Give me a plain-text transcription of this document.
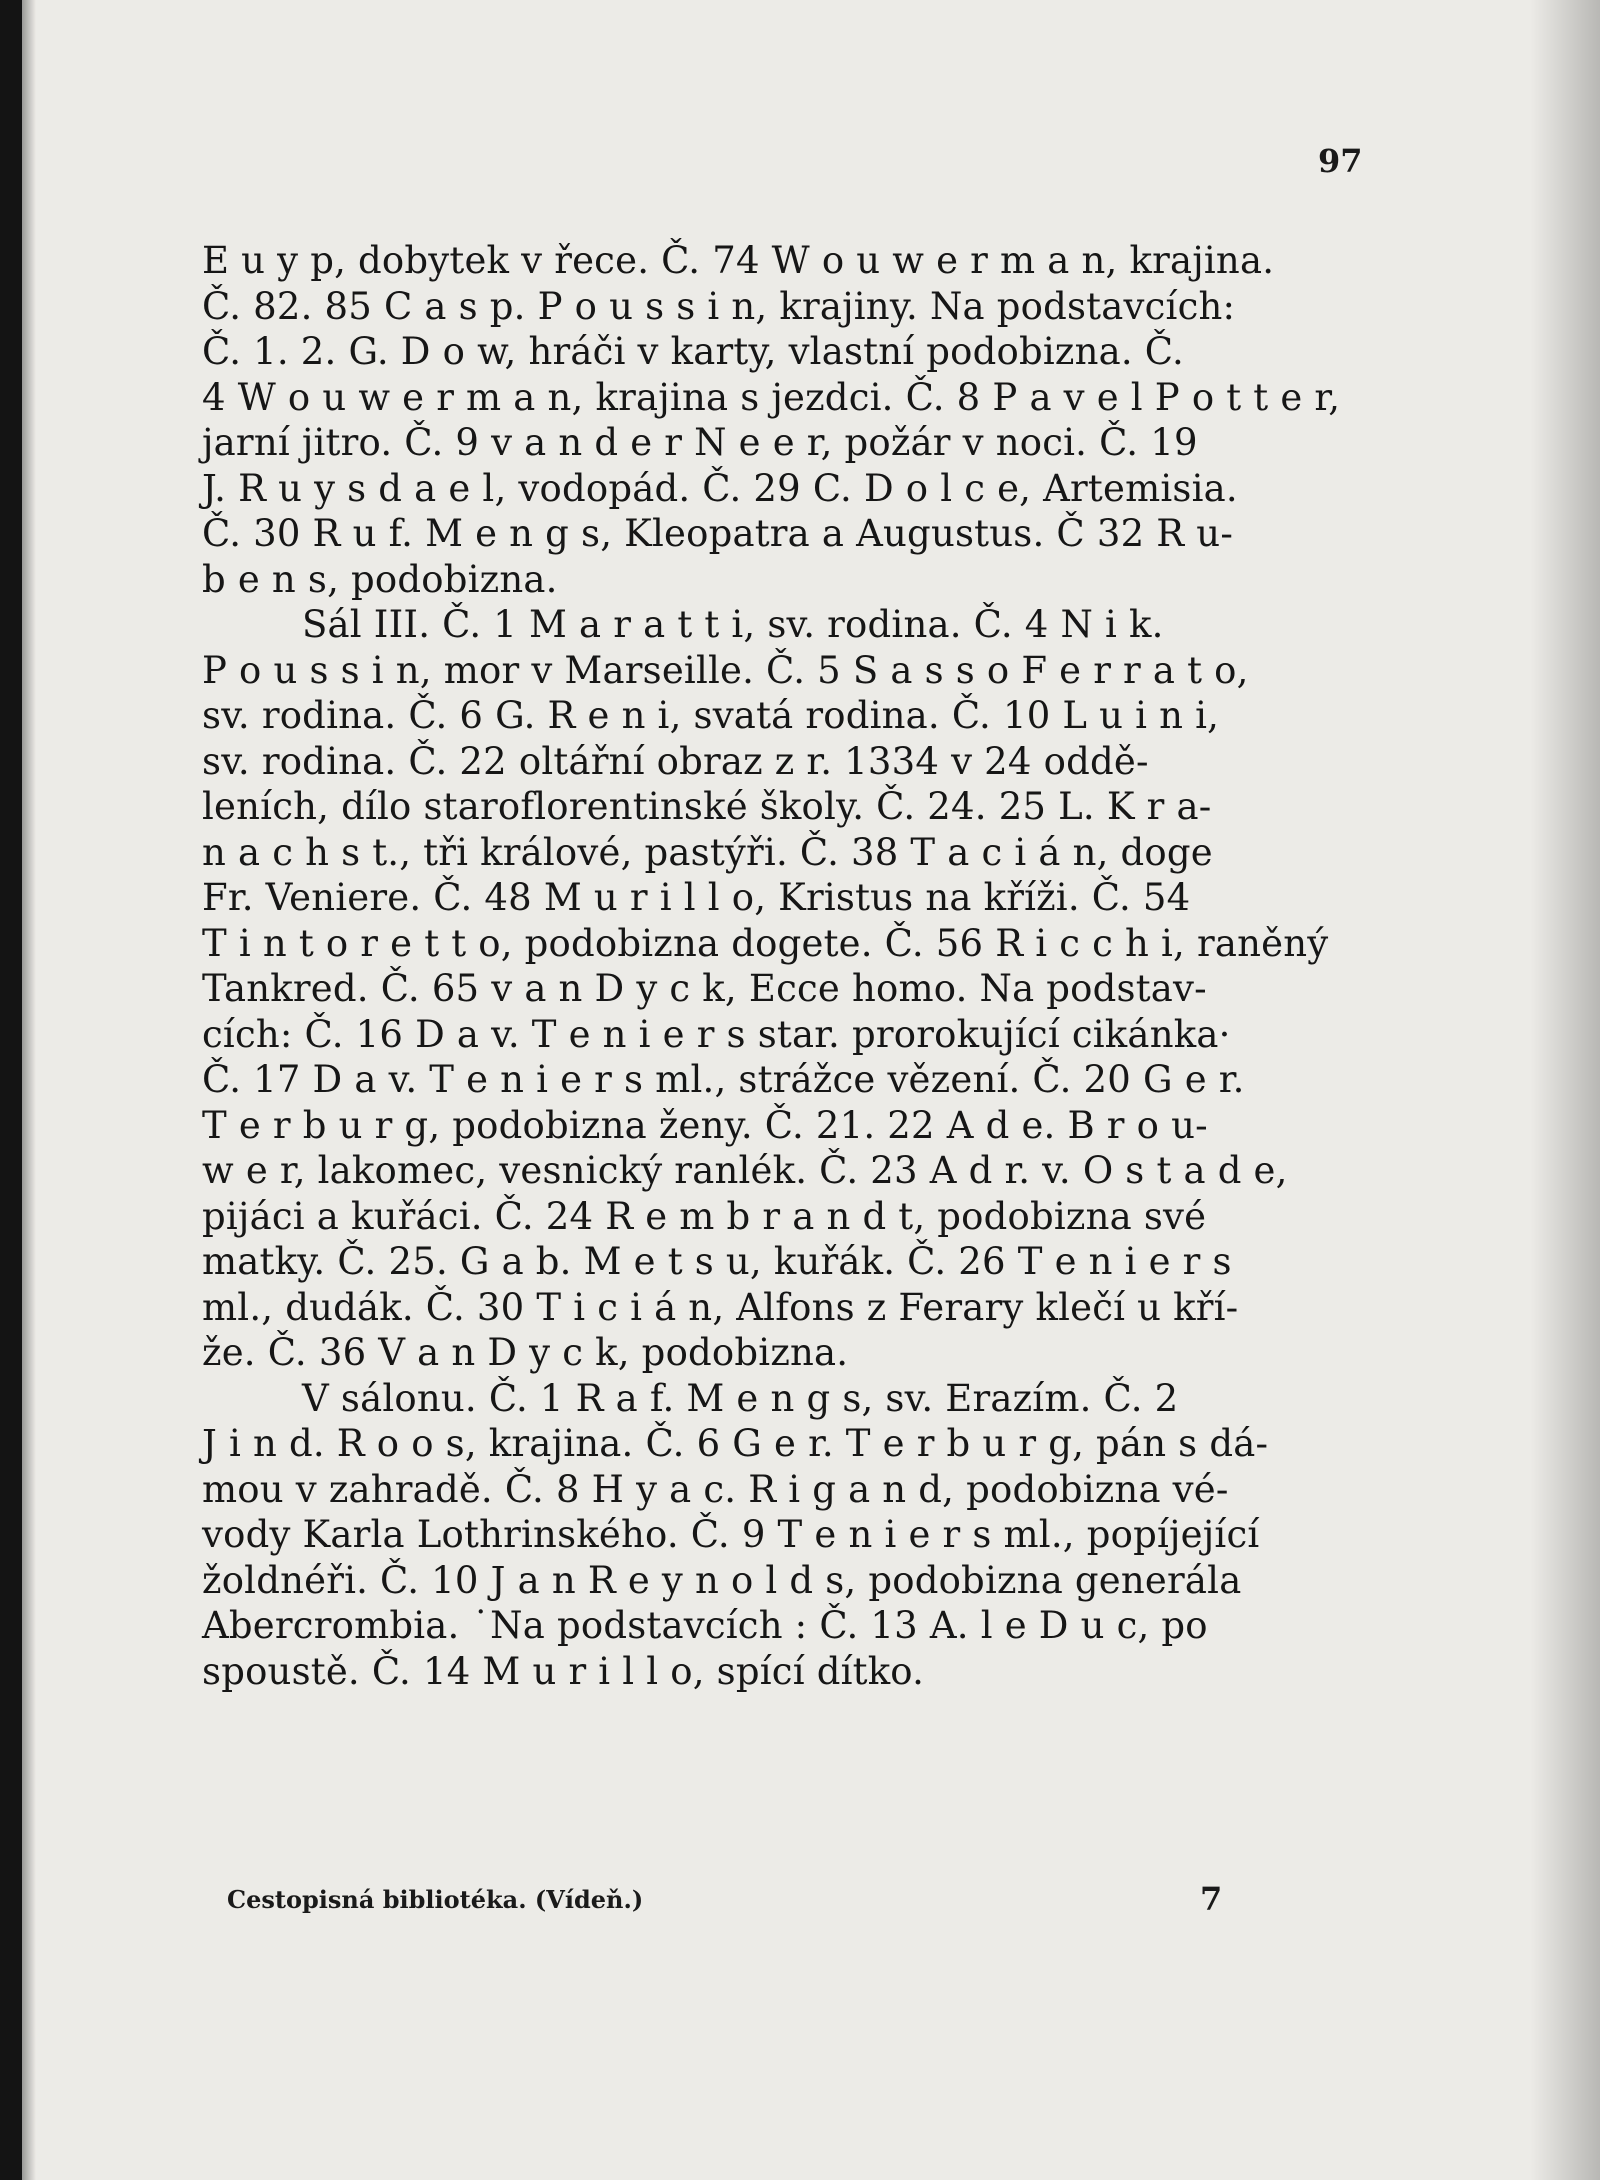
97
E u y p, dobytek v řece. Č. 74 W o u w e r m a n, krajina.
Č. 82. 85 C a s p. P o u s s i n, krajiny. Na podstavcích:
Č. 1. 2. G. D o w, hráči v karty, vlastní podobizna. Č.
4 W o u w e r m a n, krajina s jezdci. Č. 8 P a v e l P o t t e r,
jarní jitro. Č. 9 v a n d e r N e e r, požár v noci. Č. 19
J. R u y s d a e l, vodopád. Č. 29 C. D o l c e, Artemisia.
Č. 30 R u f. M e n g s, Kleopatra a Augustus. Č 32 R u-
b e n s, podobizna.
Sál III. Č. 1 M a r a t t i, sv. rodina. Č. 4 N i k.
P o u s s i n, mor v Marseille. Č. 5 S a s s o F e r r a t o,
sv. rodina. Č. 6 G. R e n i, svatá rodina. Č. 10 L u i n i,
sv. rodina. Č. 22 oltářní obraz z r. 1334 v 24 oddě-
leních, dílo staroflorentinské školy. Č. 24. 25 L. K r a-
n a c h s t., tři králové, pastýři. Č. 38 T a c i á n, doge
Fr. Veniere. Č. 48 M u r i l l o, Kristus na kříži. Č. 54
T i n t o r e t t o, podobizna dogete. Č. 56 R i c c h i, raněný
Tankred. Č. 65 v a n D y c k, Ecce homo. Na podstav-
cích: Č. 16 D a v. T e n i e r s star. prorokující cikánka·
Č. 17 D a v. T e n i e r s ml., strážce vězení. Č. 20 G e r.
T e r b u r g, podobizna ženy. Č. 21. 22 A d e. B r o u-
w e r, lakomec, vesnický ranlék. Č. 23 A d r. v. O s t a d e,
pijáci a kuřáci. Č. 24 R e m b r a n d t, podobizna své
matky. Č. 25. G a b. M e t s u, kuřák. Č. 26 T e n i e r s
ml., dudák. Č. 30 T i c i á n, Alfons z Ferary klečí u kří-
že. Č. 36 V a n D y c k, podobizna.
V sálonu. Č. 1 R a f. M e n g s, sv. Erazím. Č. 2
J i n d. R o o s, krajina. Č. 6 G e r. T e r b u r g, pán s dá-
mou v zahradě. Č. 8 H y a c. R i g a n d, podobizna vé-
vody Karla Lothrinského. Č. 9 T e n i e r s ml., popíjející
žoldnéři. Č. 10 J a n R e y n o l d s, podobizna generála
Abercrombia. ˙Na podstavcích : Č. 13 A. l e D u c, po
spoustě. Č. 14 M u r i l l o, spící dítko.
Cestopisná bibliotéka. (Vídeň.)	7
